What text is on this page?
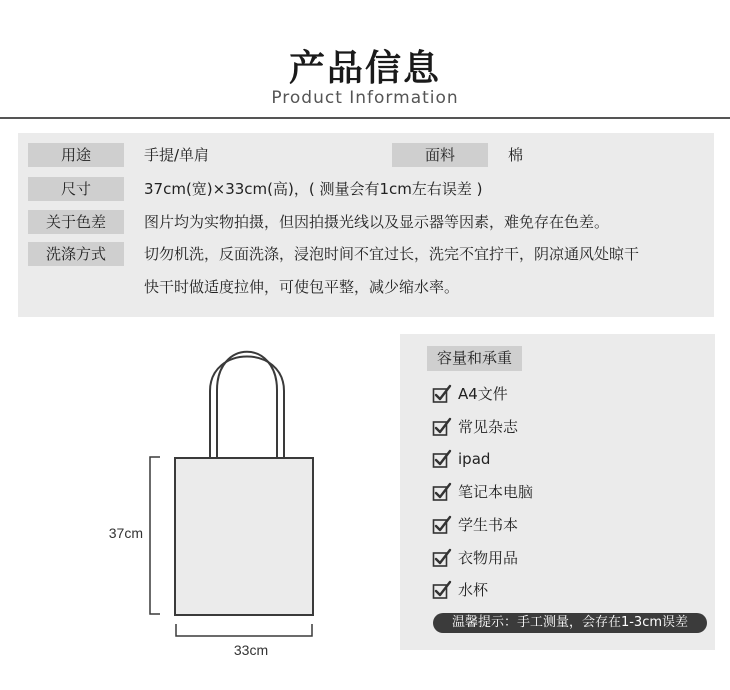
产品信息
Product Information
用途	手提/单肩	面料	棉
尺寸	37cm(宽)×33cm(高)，( 测量会有1cm左右误差 )
关于色差	图片均为实物拍摄，但因拍摄光线以及显示器等因素，难免存在色差。
洗涤方式	切勿机洗，反面洗涤，浸泡时间不宜过长，洗完不宜拧干，阴凉通风处晾干
快干时做适度拉伸，可使包平整，减少缩水率。
37cm
33cm
容量和承重
A4文件
常见杂志
ipad
笔记本电脑
学生书本
衣物用品
水杯
温馨提示：手工测量，会存在1-3cm误差
